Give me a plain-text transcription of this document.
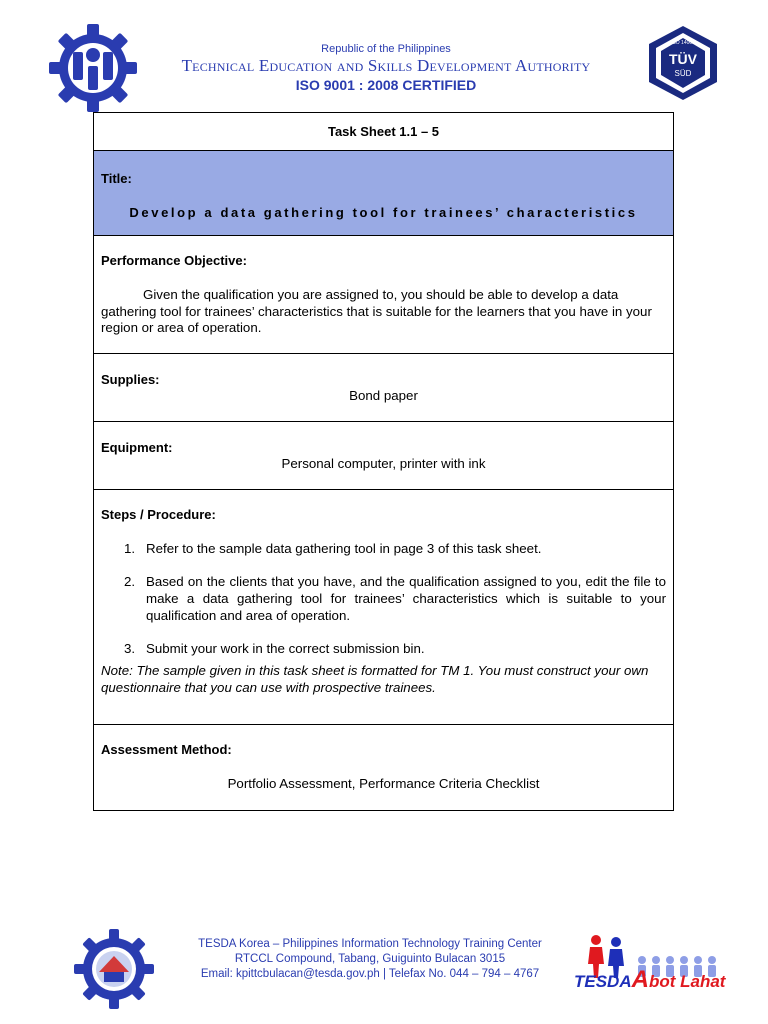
Republic of the Philippines
Technical Education and Skills Development Authority
ISO 9001 : 2008 CERTIFIED
TÜV
SÜD
ISO 14001
Task Sheet 1.1 – 5
Title:
Develop a data gathering tool for trainees’ characteristics
Performance Objective:

Given the qualification you are assigned to, you should be able to develop a data gathering tool for trainees’ characteristics that is suitable for the learners that you have in your region or area of operation.

Supplies:
Bond paper
Equipment:
Personal computer, printer with ink
Steps / Procedure:
1. Refer to the sample data gathering tool in page 3 of this task sheet.
2. Based on the clients that you have, and the qualification assigned to you, edit the file to make a data gathering tool for trainees’ characteristics which is suitable to your qualification and area of operation.
3. Submit your work in the correct submission bin.
Note: The sample given in this task sheet is formatted for TM 1. You must construct your own questionnaire that you can use with prospective trainees.
Assessment Method:
Portfolio Assessment, Performance Criteria Checklist
TESDA Korea – Philippines Information Technology Training Center
RTCCL Compound, Tabang, Guiguinto Bulacan 3015
Email: kpittcbulacan@tesda.gov.ph | Telefax No. 044 – 794 – 4767	TESDAAbot Lahat
